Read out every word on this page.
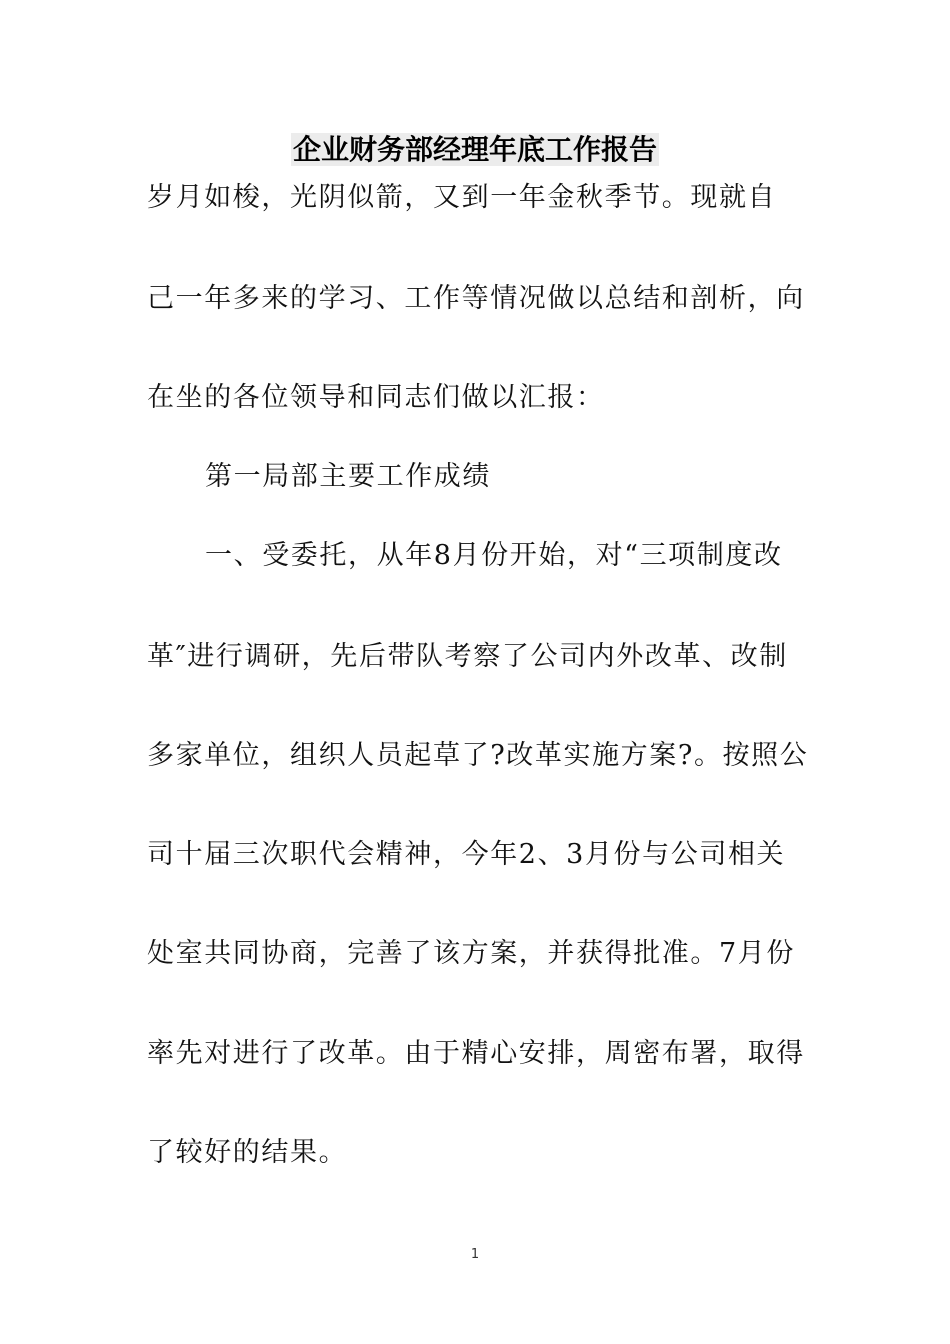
企业财务部经理年底工作报告
岁月如梭，光阴似箭，又到一年金秋季节。现就自
己一年多来的学习、工作等情况做以总结和剖析，向
在坐的各位领导和同志们做以汇报：
第一局部主要工作成绩
一、受委托，从年8月份开始，对“三项制度改
革″进行调研，先后带队考察了公司内外改革、改制
多家单位，组织人员起草了?改革实施方案?。按照公
司十届三次职代会精神，今年2、3月份与公司相关
处室共同协商，完善了该方案，并获得批准。7月份
率先对进行了改革。由于精心安排，周密布署，取得
了较好的结果。
1
